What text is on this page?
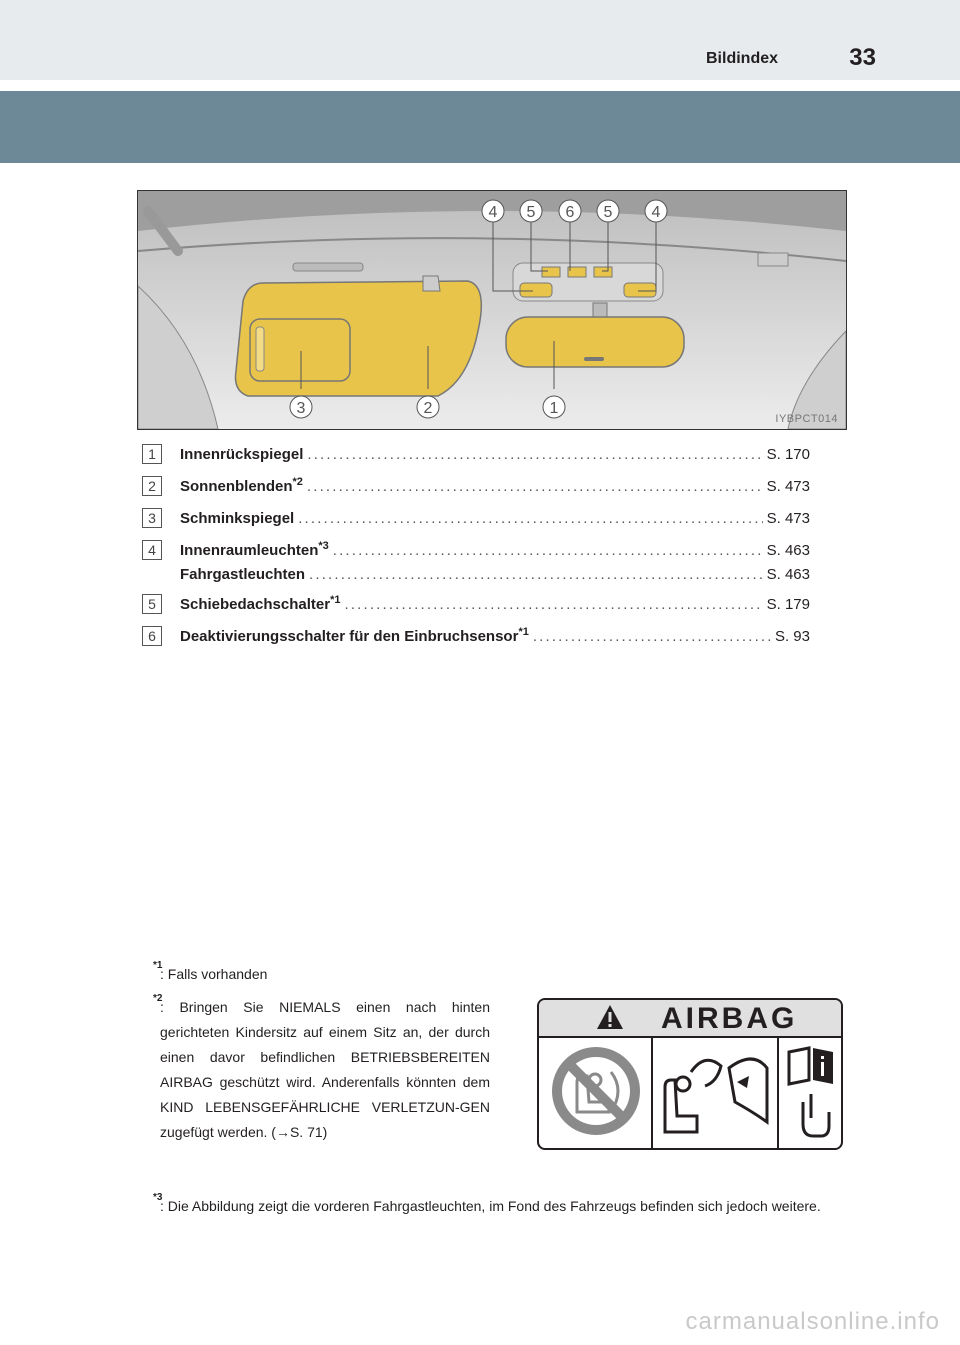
Bildindex	33
4 5 6 5 4
3	2	1
IYBPCT014
1	Innenrückspiegel . . .	S. 170
2	Sonnenblenden$^{*2}$ . . .	S. 473
3	Schminkspiegel . . .	S. 473
4	Innenraumleuchten$^{*3}$ . . .	S. 463
Fahrgastleuchten . . .	S. 463
5	Schiebedachschalter$^{*1}$ . . .	S. 179
6	Deaktivierungsschalter für den Einbruchsensor$^{*1}$ . . .	S. 93
$^{*1}$
: Falls vorhanden
$^{*2}$
: Bringen Sie NIEMALS einen nach hinten gerichteten Kindersitz auf einem Sitz an, der durch einen davor befindlichen BETRIEBSBEREITEN AIRBAG geschützt wird. Anderenfalls könnten dem KIND LEBENSGEFÄHRLICHE VERLETZUN-GEN zugefügt werden. (→S. 71)
$^{*3}$
: Die Abbildung zeigt die vorderen Fahrgastleuchten, im Fond des Fahrzeugs befinden sich jedoch weitere.
AIRBAG
carmanualsonline.info
